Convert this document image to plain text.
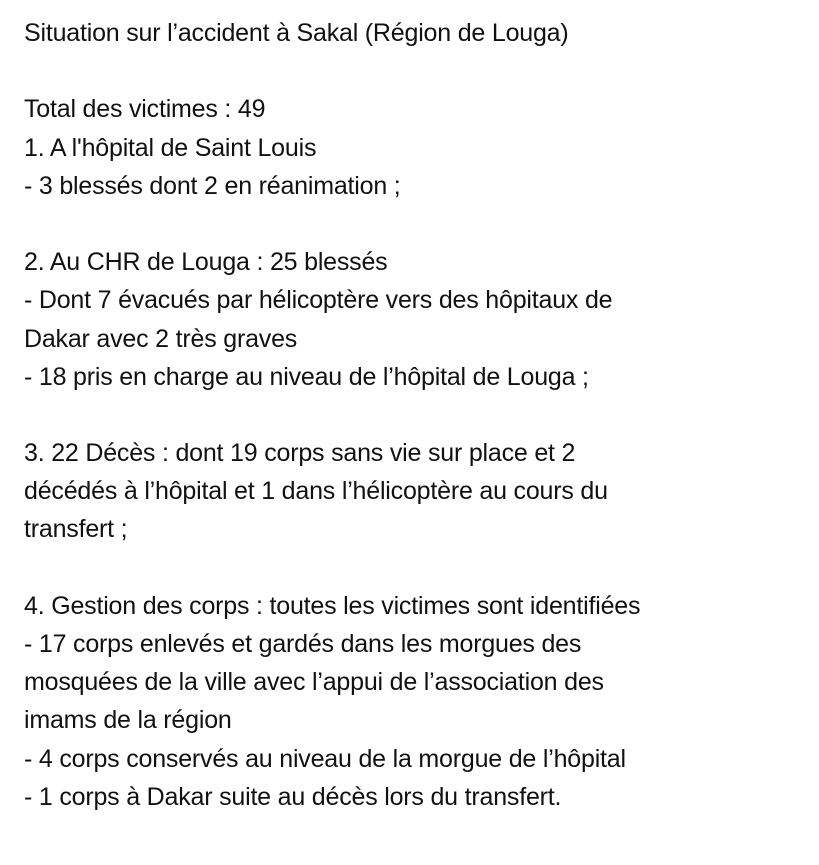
Situation sur l’accident à Sakal (Région de Louga)
Total des victimes : 49
1. A l'hôpital de Saint Louis
- 3 blessés dont 2 en réanimation ;
2. Au CHR de Louga : 25 blessés
- Dont 7 évacués par hélicoptère vers des hôpitaux de
Dakar avec 2 très graves
- 18 pris en charge au niveau de l’hôpital de Louga ;
3. 22 Décès : dont 19 corps sans vie sur place et 2
décédés à l’hôpital et 1 dans l’hélicoptère au cours du
transfert ;
4. Gestion des corps : toutes les victimes sont identifiées
- 17 corps enlevés et gardés dans les morgues des
mosquées de la ville avec l’appui de l’association des
imams de la région
- 4 corps conservés au niveau de la morgue de l’hôpital
- 1 corps à Dakar suite au décès lors du transfert.
